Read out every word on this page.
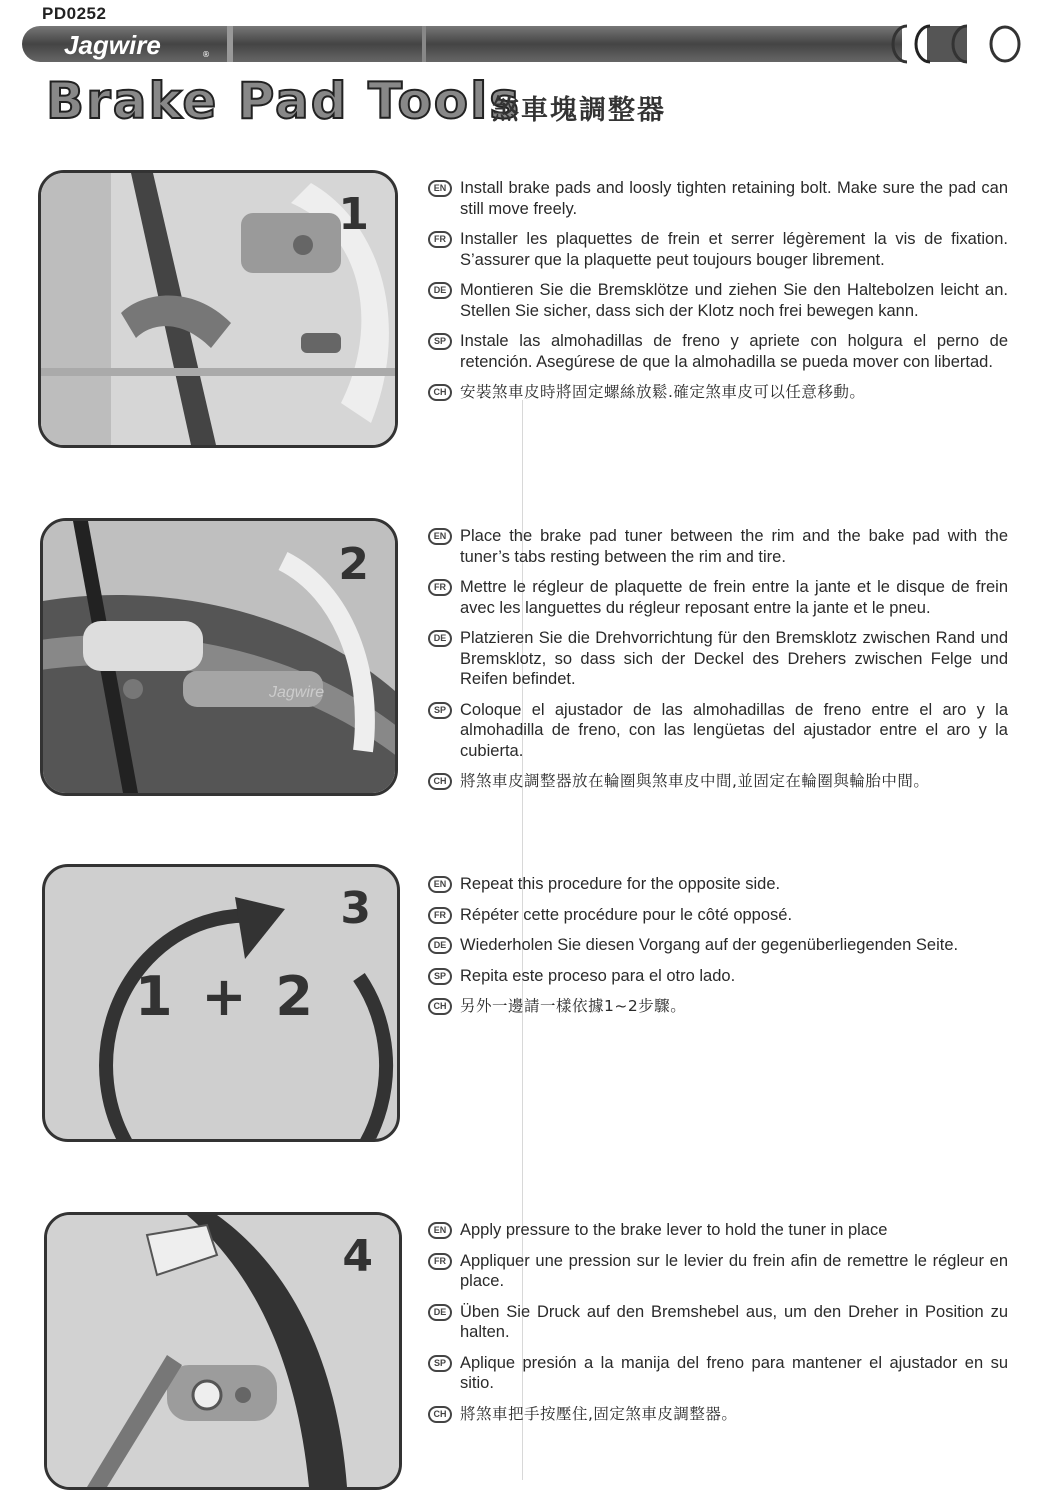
PD0252
Jagwire	®
Brake Pad Tools
煞車塊調整器
1
EN Install brake pads and loosly tighten retaining bolt. Make sure the pad can still move freely.
FR Installer les plaquettes de frein et serrer légèrement la vis de fixation. S’assurer que la plaquette peut toujours bouger librement.
DE Montieren Sie die Bremsklötze und ziehen Sie den Haltebolzen leicht an. Stellen Sie sicher, dass sich der Klotz noch frei bewegen kann.
SP Instale las almohadillas de freno y apriete con holgura el perno de retención. Asegúrese de que la almohadilla se pueda mover con libertad.
CH 安裝煞車皮時將固定螺絲放鬆.確定煞車皮可以任意移動。
Jagwire
2
EN Place the brake pad tuner between the rim and the bake pad with the tuner’s tabs resting between the rim and tire.
FR Mettre le régleur de plaquette de frein entre la jante et le disque de frein avec les languettes du régleur reposant entre la jante et le pneu.
DE Platzieren Sie die Drehvorrichtung für den Bremsklotz zwischen Rand und Bremsklotz, so dass sich der Deckel des Drehers zwischen Felge und Reifen befindet.
SP Coloque el ajustador de las almohadillas de freno entre el aro y la almohadilla de freno, con las lengüetas del ajustador entre el aro y la cubierta.
CH 將煞車皮調整器放在輪圈與煞車皮中間,並固定在輪圈與輪胎中間。
1 + 2
3	EN Repeat this procedure for the opposite side.
FR Répéter cette procédure pour le côté opposé.
DE Wiederholen Sie diesen Vorgang auf der gegenüberliegenden Seite.
SP Repita este proceso para el otro lado.
CH 另外一邊請一樣依據1~2步驟。
4
EN Apply pressure to the brake lever to hold the tuner in place
FR Appliquer une pression sur le levier du frein afin de remettre le régleur en place.
DE Üben Sie Druck auf den Bremshebel aus, um den Dreher in Position zu halten.
SP Aplique presión a la manija del freno para mantener el ajustador en su sitio.
CH 將煞車把手按壓住,固定煞車皮調整器。
